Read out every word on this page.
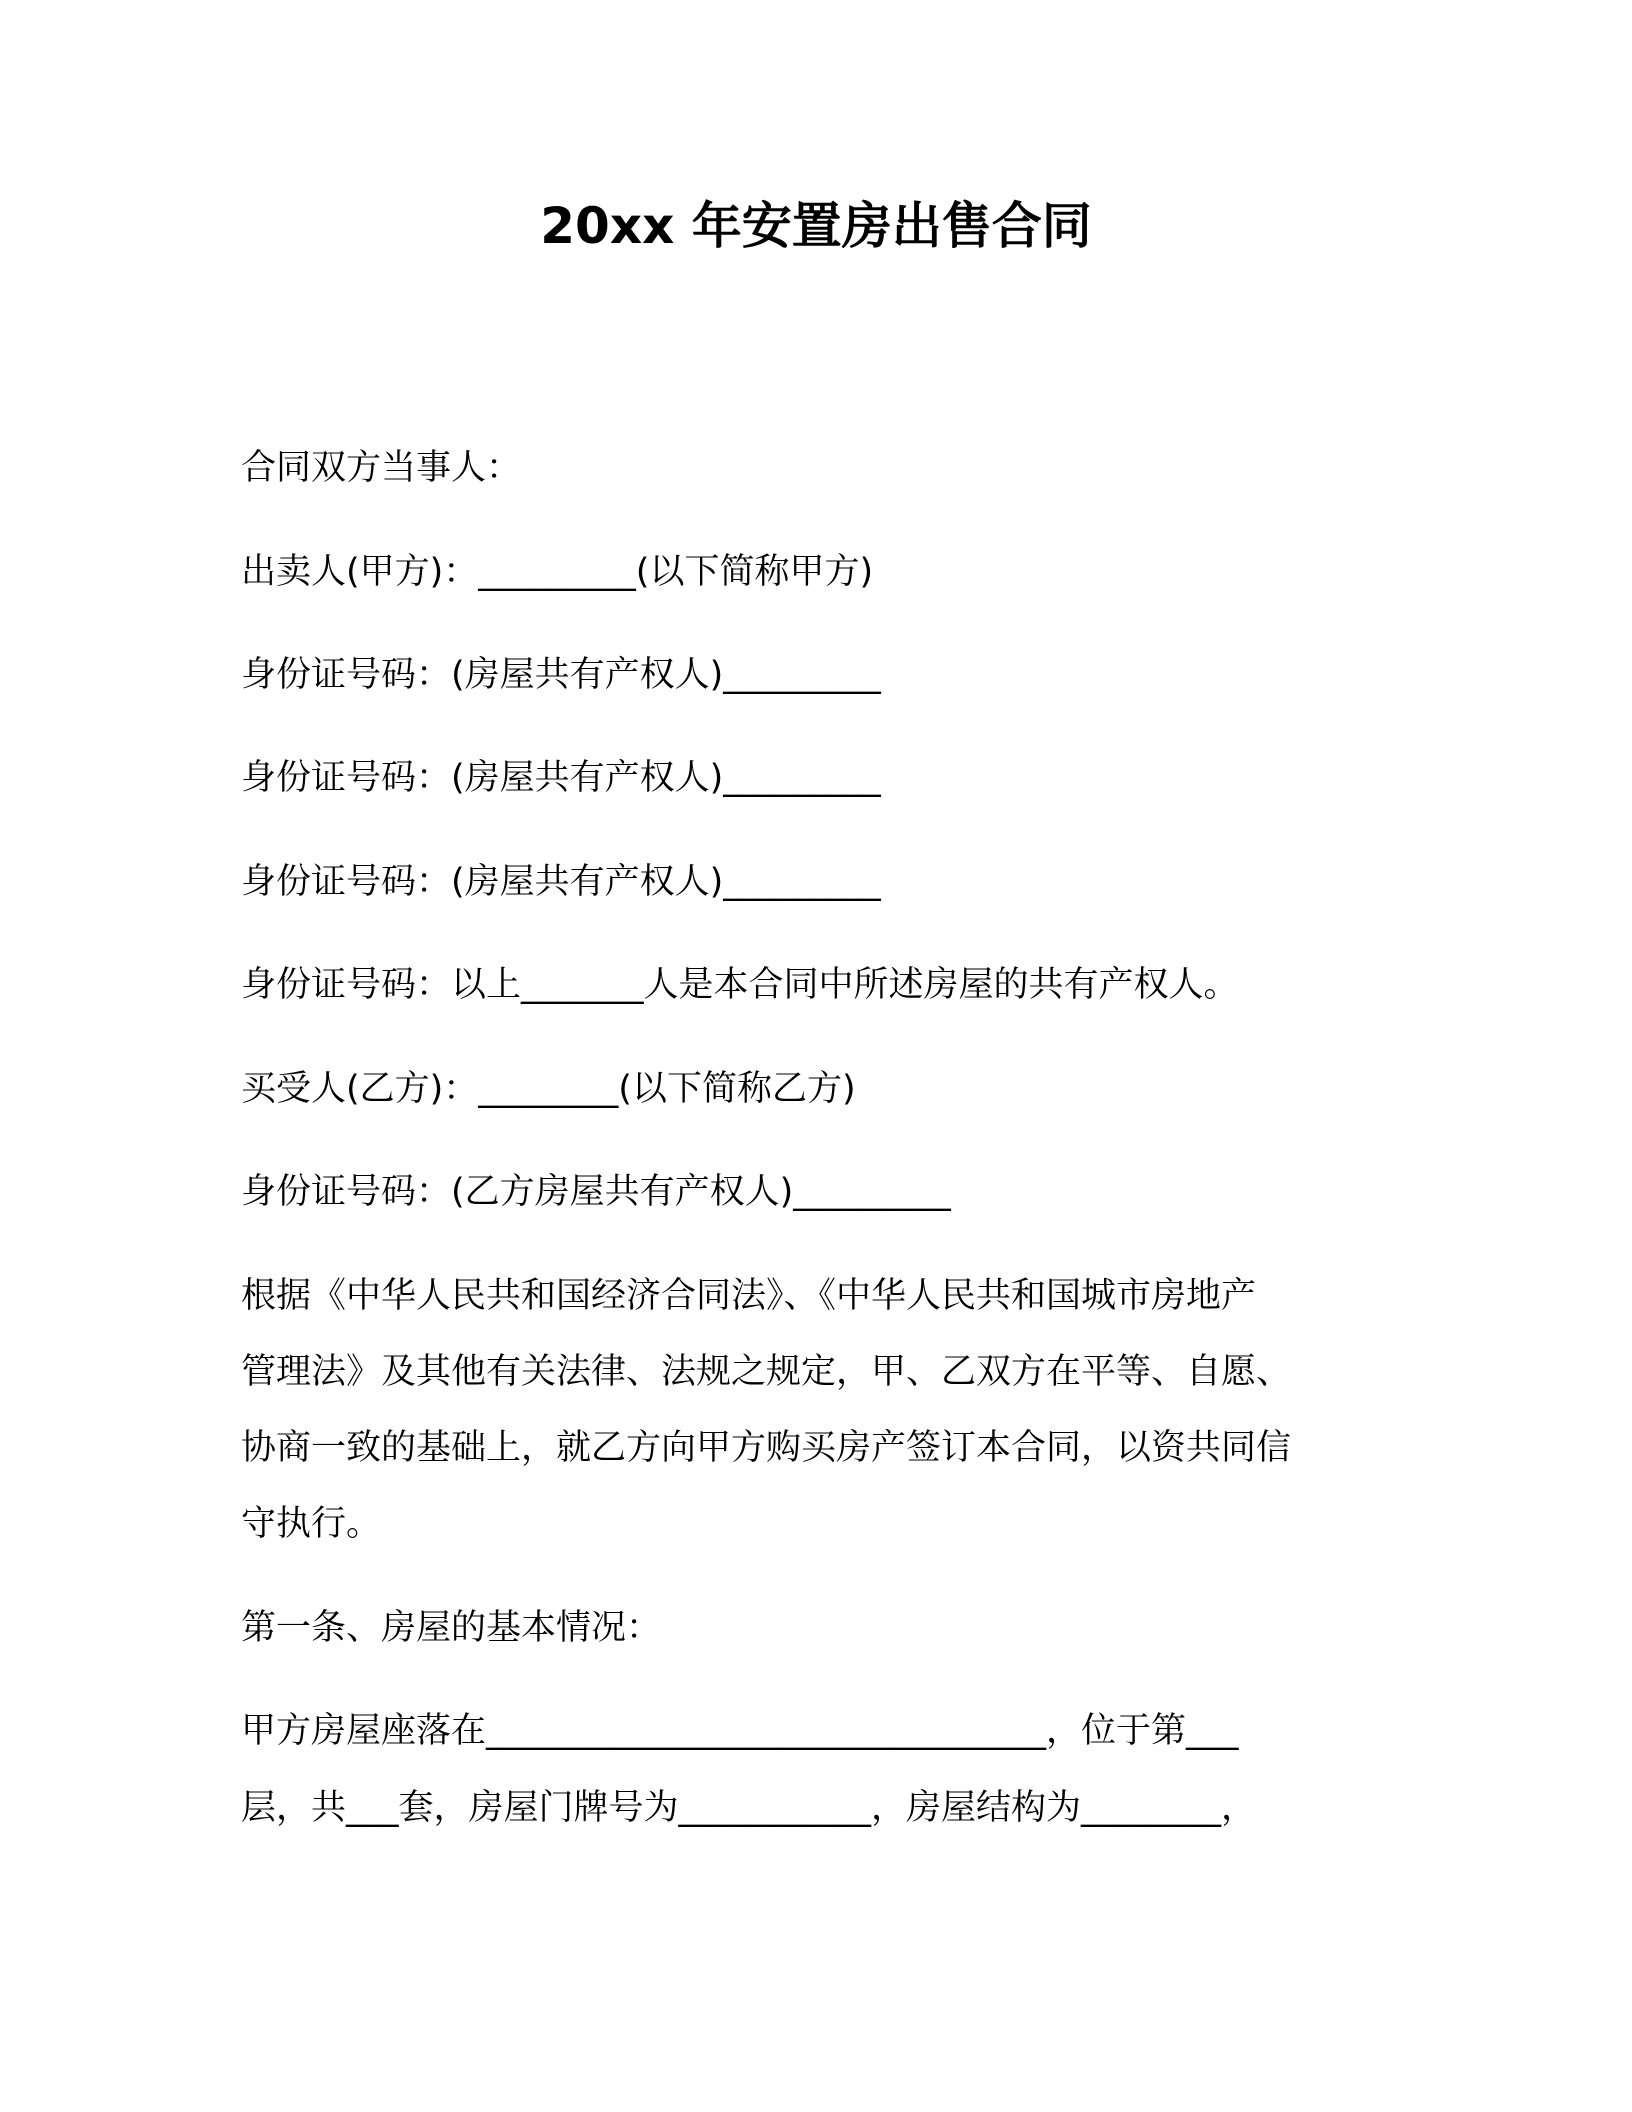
20xx 年安置房出售合同
合同双方当事人：
出卖人(甲方)：_________(以下简称甲方)
身份证号码：(房屋共有产权人)_________
身份证号码：(房屋共有产权人)_________
身份证号码：(房屋共有产权人)_________
身份证号码：以上_______人是本合同中所述房屋的共有产权人。
买受人(乙方)：________(以下简称乙方)
身份证号码：(乙方房屋共有产权人)_________
根据《中华人民共和国经济合同法》、《中华人民共和国城市房地产
管理法》及其他有关法律、法规之规定，甲、乙双方在平等、自愿、
协商一致的基础上，就乙方向甲方购买房产签订本合同，以资共同信
守执行。
第一条、房屋的基本情况：
甲方房屋座落在________________________________，位于第___
层，共___套，房屋门牌号为___________，房屋结构为________，
